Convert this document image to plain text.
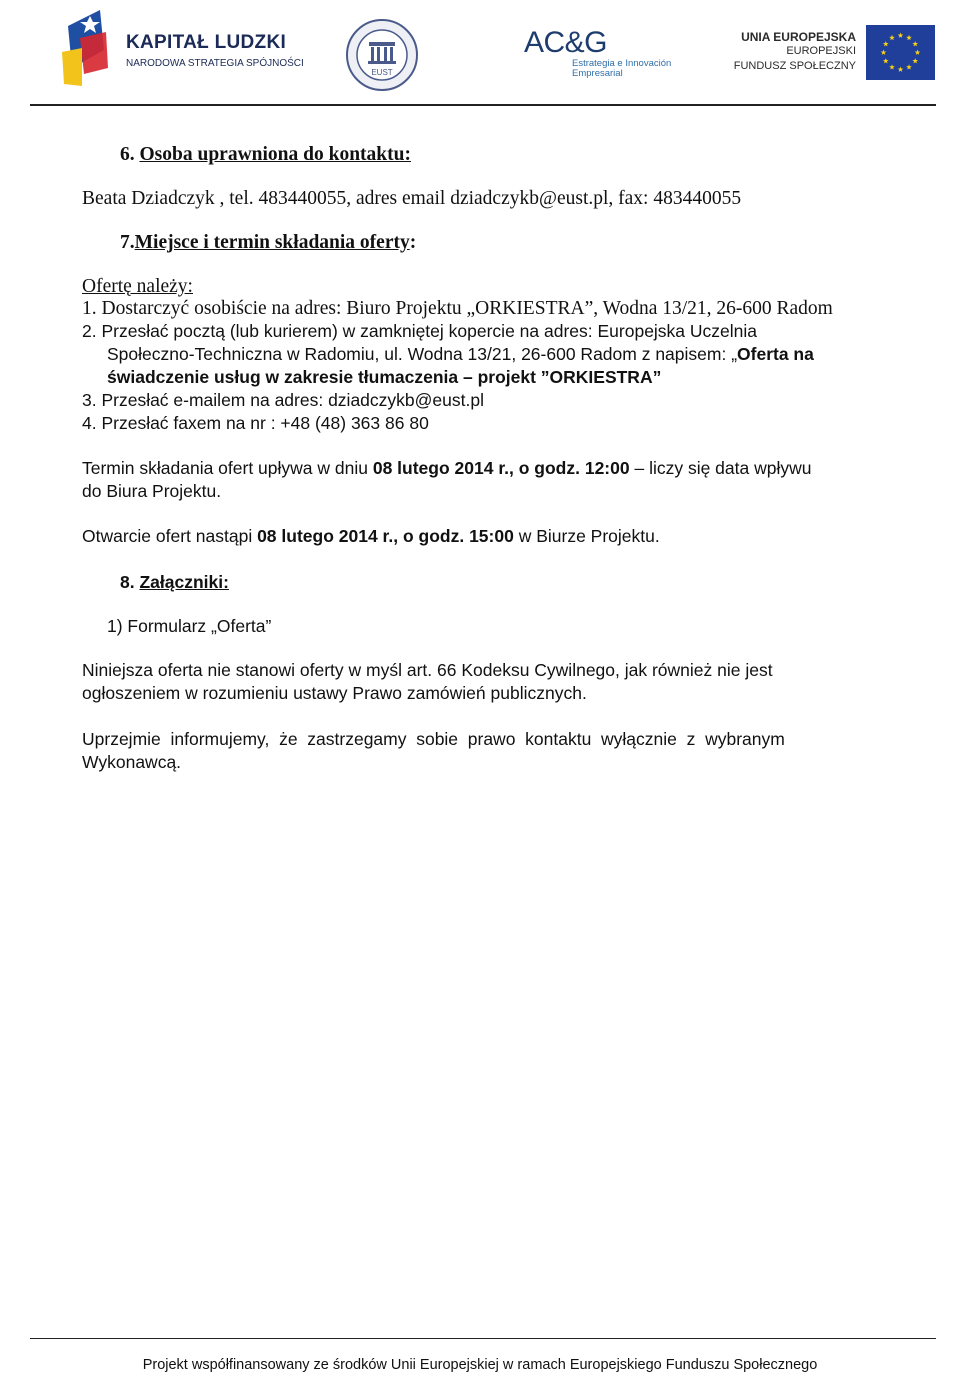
KAPITAŁ LUDZKI
NARODOWA STRATEGIA SPÓJNOŚCI
EUST
AC&G
Estrategia e Innovación
Empresarial
UNIA EUROPEJSKA
EUROPEJSKI
FUNDUSZ SPOŁECZNY
6. Osoba uprawniona do kontaktu:
Beata Dziadczyk , tel. 483440055, adres email dziadczykb@eust.pl, fax: 483440055
7.Miejsce i termin składania oferty:
Ofertę należy:
1. Dostarczyć osobiście na adres: Biuro Projektu „ORKIESTRA”, Wodna 13/21, 26-600 Radom
2. Przesłać pocztą (lub kurierem) w zamkniętej kopercie na adres: Europejska Uczelnia
Społeczno-Techniczna w Radomiu, ul. Wodna 13/21, 26-600 Radom z napisem: „Oferta na
świadczenie usług w zakresie tłumaczenia – projekt ”ORKIESTRA”
3. Przesłać e-mailem na adres: dziadczykb@eust.pl
4. Przesłać faxem na nr : +48 (48) 363 86 80
Termin składania ofert upływa w dniu 08 lutego 2014 r., o godz. 12:00 – liczy się data wpływu
do Biura Projektu.
Otwarcie ofert nastąpi 08 lutego 2014 r., o godz. 15:00 w Biurze Projektu.
8. Załączniki:
1) Formularz „Oferta”
Niniejsza oferta nie stanowi oferty w myśl art. 66 Kodeksu Cywilnego, jak również nie jest
ogłoszeniem w rozumieniu ustawy Prawo zamówień publicznych.
Uprzejmie  informujemy,  że  zastrzegamy  sobie  prawo  kontaktu  wyłącznie  z  wybranym
Wykonawcą.
Projekt współfinansowany ze środków Unii Europejskiej w ramach Europejskiego Funduszu Społecznego
